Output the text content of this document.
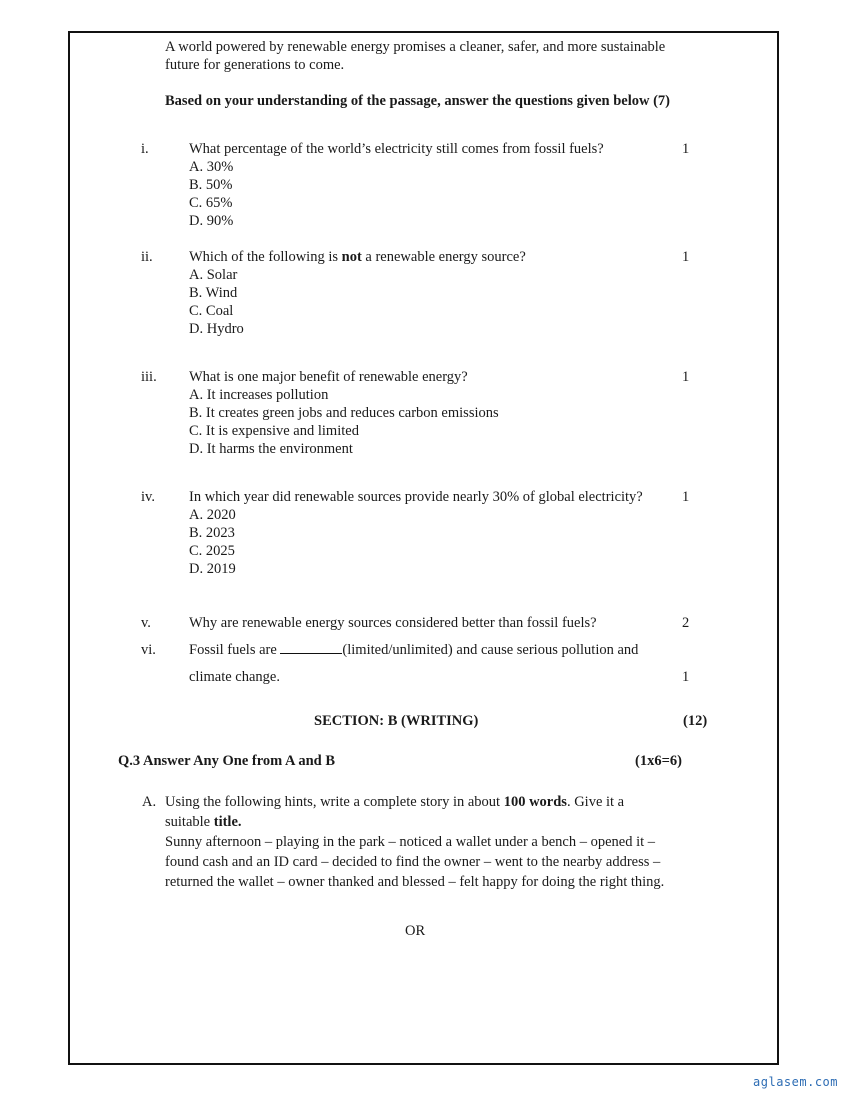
A world powered by renewable energy promises a cleaner, safer, and more sustainable
future for generations to come.
Based on your understanding of the passage, answer the questions given below (7)
i.	What percentage of the world’s electricity still comes from fossil fuels?	1
A. 30%
B. 50%
C. 65%
D. 90%
ii.	Which of the following is not a renewable energy source?	1
A. Solar
B. Wind
C. Coal
D. Hydro
iii. What is one major benefit of renewable energy?	1
A. It increases pollution
B. It creates green jobs and reduces carbon emissions
C. It is expensive and limited
D. It harms the environment
iv. In which year did renewable sources provide nearly 30% of global electricity?	1
A. 2020
B. 2023
C. 2025
D. 2019
v.	Why are renewable energy sources considered better than fossil fuels?	2
vi. Fossil fuels are	(limited/unlimited) and cause serious pollution and
climate change.	1
SECTION: B (WRITING)	(12)
Q.3 Answer Any One from A and B	(1x6=6)
A. Using the following hints, write a complete story in about 100 words. Give it a
suitable title.
Sunny afternoon – playing in the park – noticed a wallet under a bench – opened it –
found cash and an ID card – decided to find the owner – went to the nearby address –
returned the wallet – owner thanked and blessed – felt happy for doing the right thing.
OR
aglasem.com
